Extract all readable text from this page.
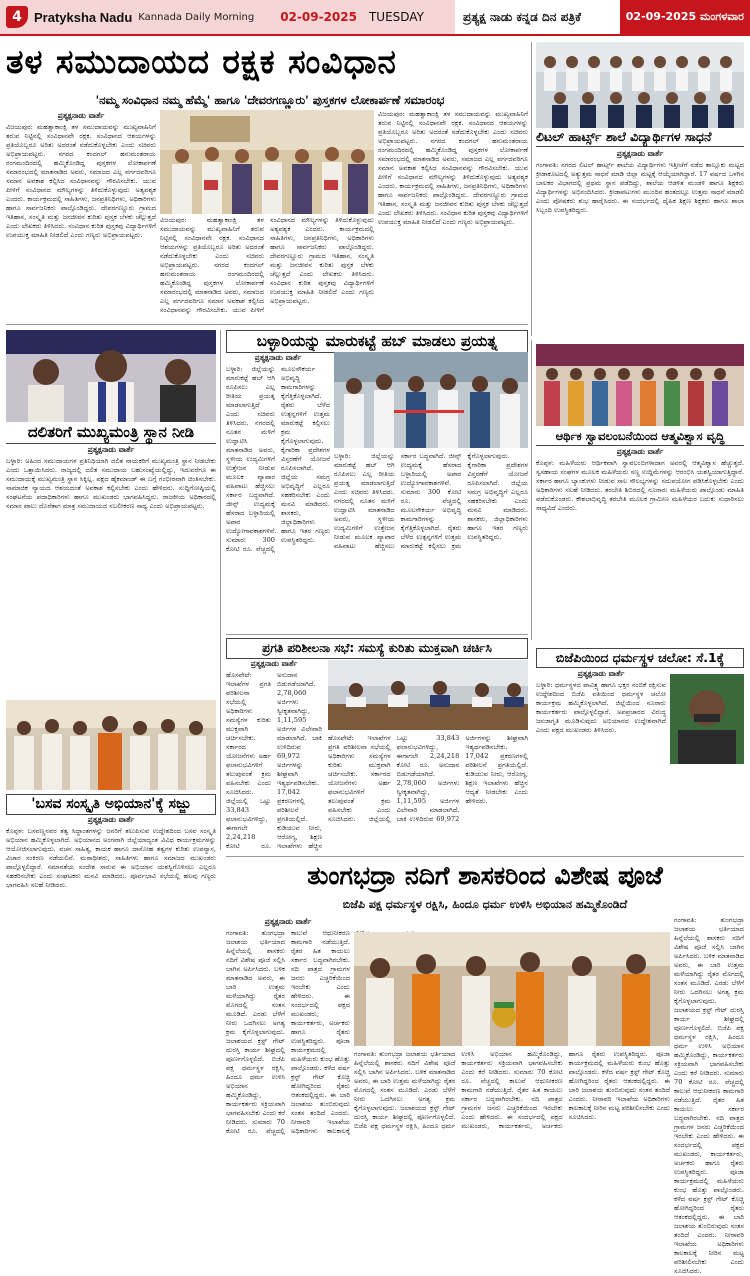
4 Pratyksha Nadu Kannada Daily Morning 02-09-2025 TUESDAY	ಪ್ರತ್ಯಕ್ಷ ನಾಡು ಕನ್ನಡ ದಿನ ಪತ್ರಿಕೆ	02-09-2025 ಮಂಗಳವಾರ
ತಳ ಸಮುದಾಯದ ರಕ್ಷಕ ಸಂವಿಧಾನ
'ನಮ್ಮ ಸಂವಿಧಾನ ನಮ್ಮ ಹೆಮ್ಮೆ' ಹಾಗೂ 'ದೇವರಗಣ್ಣೂರು' ಪುಸ್ತಕಗಳ ಲೋಕಾರ್ಪಣೆ ಸಮಾರಂಭ
ಪ್ರತ್ಯಕ್ಷನಾಡು ವಾರ್ತೆ
ವಿಜಯಪುರ: ಮಹತ್ವಾಕಾಂಕ್ಷಿ ತಳ ಸಮುದಾಯವನ್ನು ಮುಖ್ಯವಾಹಿನಿಗೆ ತರುವ ನಿಟ್ಟಿನಲ್ಲಿ ಸಂವಿಧಾನವೇ ರಕ್ಷಕ. ಸಂವಿಧಾನದ ಆಶಯಗಳನ್ನು ಪ್ರತಿಯೊಬ್ಬರೂ ಅರಿತು ಅದರಂತೆ ನಡೆದುಕೊಳ್ಳಬೇಕು ಎಂದು ಸಚಿವರು ಅಭಿಪ್ರಾಯಪಟ್ಟರು. ನಗರದ ಕಂದಗಲ್ ಹನುಮಂತರಾಯ ರಂಗಮಂದಿರದಲ್ಲಿ ಹಮ್ಮಿಕೊಂಡಿದ್ದ ಪುಸ್ತಕಗಳ ಲೋಕಾರ್ಪಣೆ ಸಮಾರಂಭದಲ್ಲಿ ಮಾತನಾಡಿದ ಅವರು, ಸಮಾಜದ ಎಲ್ಲ ವರ್ಗದವರಿಗೂ ಸಮಾನ ಅವಕಾಶ ಕಲ್ಪಿಸಿದ ಸಂವಿಧಾನವನ್ನು ಗೌರವಿಸಬೇಕು. ಯುವ ಪೀಳಿಗೆ ಸಂವಿಧಾನದ ಮೌಲ್ಯಗಳನ್ನು ತಿಳಿದುಕೊಳ್ಳುವುದು ಅತ್ಯವಶ್ಯಕ ಎಂದರು. ಕಾರ್ಯಕ್ರಮದಲ್ಲಿ ಸಾಹಿತಿಗಳು, ಜನಪ್ರತಿನಿಧಿಗಳು, ಅಧಿಕಾರಿಗಳು ಹಾಗೂ ಸಾರ್ವಜನಿಕರು ಪಾಲ್ಗೊಂಡಿದ್ದರು. ದೇವರಗಣ್ಣೂರು ಗ್ರಾಮದ ಇತಿಹಾಸ, ಸಂಸ್ಕೃತಿ ಮತ್ತು ಜನಜೀವನ ಕುರಿತು ಪುಸ್ತಕ ಬೆಳಕು ಚೆಲ್ಲುತ್ತದೆ ಎಂದು ಲೇಖಕರು ತಿಳಿಸಿದರು. ಸಂವಿಧಾನ ಕುರಿತ ಪುಸ್ತಕವು ವಿದ್ಯಾರ್ಥಿಗಳಿಗೆ ಉಪಯುಕ್ತ ಮಾಹಿತಿ ನೀಡಲಿದೆ ಎಂದು ಗಣ್ಯರು ಅಭಿಪ್ರಾಯಪಟ್ಟರು.
ವಿಜಯಪುರ: ಮಹತ್ವಾಕಾಂಕ್ಷಿ ತಳ ಸಮುದಾಯವನ್ನು ಮುಖ್ಯವಾಹಿನಿಗೆ ತರುವ ನಿಟ್ಟಿನಲ್ಲಿ ಸಂವಿಧಾನವೇ ರಕ್ಷಕ. ಸಂವಿಧಾನದ ಆಶಯಗಳನ್ನು ಪ್ರತಿಯೊಬ್ಬರೂ ಅರಿತು ಅದರಂತೆ ನಡೆದುಕೊಳ್ಳಬೇಕು ಎಂದು ಸಚಿವರು ಅಭಿಪ್ರಾಯಪಟ್ಟರು. ನಗರದ ಕಂದಗಲ್ ಹನುಮಂತರಾಯ ರಂಗಮಂದಿರದಲ್ಲಿ ಹಮ್ಮಿಕೊಂಡಿದ್ದ ಪುಸ್ತಕಗಳ ಲೋಕಾರ್ಪಣೆ ಸಮಾರಂಭದಲ್ಲಿ ಮಾತನಾಡಿದ ಅವರು, ಸಮಾಜದ ಎಲ್ಲ ವರ್ಗದವರಿಗೂ ಸಮಾನ ಅವಕಾಶ ಕಲ್ಪಿಸಿದ ಸಂವಿಧಾನವನ್ನು ಗೌರವಿಸಬೇಕು. ಯುವ ಪೀಳಿಗೆ ಸಂವಿಧಾನದ ಮೌಲ್ಯಗಳನ್ನು ತಿಳಿದುಕೊಳ್ಳುವುದು ಅತ್ಯವಶ್ಯಕ ಎಂದರು. ಕಾರ್ಯಕ್ರಮದಲ್ಲಿ ಸಾಹಿತಿಗಳು, ಜನಪ್ರತಿನಿಧಿಗಳು, ಅಧಿಕಾರಿಗಳು ಹಾಗೂ ಸಾರ್ವಜನಿಕರು ಪಾಲ್ಗೊಂಡಿದ್ದರು. ದೇವರಗಣ್ಣೂರು ಗ್ರಾಮದ ಇತಿಹಾಸ, ಸಂಸ್ಕೃತಿ ಮತ್ತು ಜನಜೀವನ ಕುರಿತು ಪುಸ್ತಕ ಬೆಳಕು ಚೆಲ್ಲುತ್ತದೆ ಎಂದು ಲೇಖಕರು ತಿಳಿಸಿದರು. ಸಂವಿಧಾನ ಕುರಿತ ಪುಸ್ತಕವು ವಿದ್ಯಾರ್ಥಿಗಳಿಗೆ ಉಪಯುಕ್ತ ಮಾಹಿತಿ ನೀಡಲಿದೆ ಎಂದು ಗಣ್ಯರು ಅಭಿಪ್ರಾಯಪಟ್ಟರು.
ವಿಜಯಪುರ: ಮಹತ್ವಾಕಾಂಕ್ಷಿ ತಳ ಸಮುದಾಯವನ್ನು ಮುಖ್ಯವಾಹಿನಿಗೆ ತರುವ ನಿಟ್ಟಿನಲ್ಲಿ ಸಂವಿಧಾನವೇ ರಕ್ಷಕ. ಸಂವಿಧಾನದ ಆಶಯಗಳನ್ನು ಪ್ರತಿಯೊಬ್ಬರೂ ಅರಿತು ಅದರಂತೆ ನಡೆದುಕೊಳ್ಳಬೇಕು ಎಂದು ಸಚಿವರು ಅಭಿಪ್ರಾಯಪಟ್ಟರು. ನಗರದ ಕಂದಗಲ್ ಹನುಮಂತರಾಯ ರಂಗಮಂದಿರದಲ್ಲಿ ಹಮ್ಮಿಕೊಂಡಿದ್ದ ಪುಸ್ತಕಗಳ ಲೋಕಾರ್ಪಣೆ ಸಮಾರಂಭದಲ್ಲಿ ಮಾತನಾಡಿದ ಅವರು, ಸಮಾಜದ ಎಲ್ಲ ವರ್ಗದವರಿಗೂ ಸಮಾನ ಅವಕಾಶ ಕಲ್ಪಿಸಿದ ಸಂವಿಧಾನವನ್ನು ಗೌರವಿಸಬೇಕು. ಯುವ ಪೀಳಿಗೆ ಸಂವಿಧಾನದ ಮೌಲ್ಯಗಳನ್ನು ತಿಳಿದುಕೊಳ್ಳುವುದು ಅತ್ಯವಶ್ಯಕ ಎಂದರು. ಕಾರ್ಯಕ್ರಮದಲ್ಲಿ ಸಾಹಿತಿಗಳು, ಜನಪ್ರತಿನಿಧಿಗಳು, ಅಧಿಕಾರಿಗಳು ಹಾಗೂ ಸಾರ್ವಜನಿಕರು ಪಾಲ್ಗೊಂಡಿದ್ದರು. ದೇವರಗಣ್ಣೂರು ಗ್ರಾಮದ ಇತಿಹಾಸ, ಸಂಸ್ಕೃತಿ ಮತ್ತು ಜನಜೀವನ ಕುರಿತು ಪುಸ್ತಕ ಬೆಳಕು ಚೆಲ್ಲುತ್ತದೆ ಎಂದು ಲೇಖಕರು ತಿಳಿಸಿದರು. ಸಂವಿಧಾನ ಕುರಿತ ಪುಸ್ತಕವು ವಿದ್ಯಾರ್ಥಿಗಳಿಗೆ ಉಪಯುಕ್ತ ಮಾಹಿತಿ ನೀಡಲಿದೆ ಎಂದು ಗಣ್ಯರು ಅಭಿಪ್ರಾಯಪಟ್ಟರು.
ಲಿಟಲ್ ಹಾರ್ಟ್ಸ್ ಶಾಲೆ ವಿದ್ಯಾರ್ಥಿಗಳ ಸಾಧನೆ
ಪ್ರತ್ಯಕ್ಷನಾಡು ವಾರ್ತೆ
ಗಂಗಾವತಿ: ನಗರದ ಲಿಟಲ್ ಹಾರ್ಟ್ಸ್ ಶಾಲೆಯ ವಿದ್ಯಾರ್ಥಿಗಳು ಇತ್ತೀಚೆಗೆ ನಡೆದ ತಾಲ್ಲೂಕು ಮಟ್ಟದ ಕ್ರೀಡಾಕೂಟದಲ್ಲಿ ಅತ್ಯುತ್ತಮ ಸಾಧನೆ ಮಾಡಿ ಜಿಲ್ಲಾ ಮಟ್ಟಕ್ಕೆ ಆಯ್ಕೆಯಾಗಿದ್ದಾರೆ. 17 ವರ್ಷದ ಒಳಗಿನ ಬಾಲಕರ ವಿಭಾಗದಲ್ಲಿ ಪ್ರಥಮ ಸ್ಥಾನ ಪಡೆದಿದ್ದು, ಶಾಲೆಯ ಆಡಳಿತ ಮಂಡಳಿ ಹಾಗೂ ಶಿಕ್ಷಕರು ವಿದ್ಯಾರ್ಥಿಗಳನ್ನು ಅಭಿನಂದಿಸಿದರು. ಕ್ರೀಡಾಪಟುಗಳು ಮುಂದಿನ ಹಂತದಲ್ಲೂ ಉತ್ತಮ ಸಾಧನೆ ಮಾಡಲಿ ಎಂದು ಪೋಷಕರು ಶುಭ ಹಾರೈಸಿದರು. ಈ ಸಂದರ್ಭದಲ್ಲಿ ದೈಹಿಕ ಶಿಕ್ಷಣ ಶಿಕ್ಷಕರು ಹಾಗೂ ಶಾಲಾ ಸಿಬ್ಬಂದಿ ಉಪಸ್ಥಿತರಿದ್ದರು.
ದಲಿತರಿಗೆ ಮುಖ್ಯಮಂತ್ರಿ ಸ್ಥಾನ ನೀಡಿ
ಪ್ರತ್ಯಕ್ಷನಾಡು ವಾರ್ತೆ
ಬಳ್ಳಾರಿ: ಅಹಿಂದ ಸಮುದಾಯಗಳ ಪ್ರತಿನಿಧಿಯಾಗಿ ದಲಿತ ನಾಯಕರಿಗೆ ಮುಖ್ಯಮಂತ್ರಿ ಸ್ಥಾನ ನೀಡಬೇಕು ಎಂದು ಒತ್ತಾಯಿಸಿದರು. ರಾಜ್ಯದಲ್ಲಿ ದಲಿತ ಸಮುದಾಯ ಬಹುಸಂಖ್ಯೆಯಲ್ಲಿದ್ದು, ಇದುವರೆಗೂ ಈ ಸಮುದಾಯಕ್ಕೆ ಮುಖ್ಯಮಂತ್ರಿ ಸ್ಥಾನ ಸಿಕ್ಕಿಲ್ಲ. ಪಕ್ಷದ ಹೈಕಮಾಂಡ್ ಈ ಬಗ್ಗೆ ಗಂಭೀರವಾಗಿ ಚಿಂತಿಸಬೇಕು. ಸಾಮಾಜಿಕ ನ್ಯಾಯದ ಆಶಯದಂತೆ ಅವಕಾಶ ಕಲ್ಪಿಸಬೇಕು ಎಂದು ಹೇಳಿದರು. ಸುದ್ದಿಗೋಷ್ಠಿಯಲ್ಲಿ ಸಂಘಟನೆಯ ಪದಾಧಿಕಾರಿಗಳು ಹಾಗೂ ಮುಖಂಡರು ಭಾಗವಹಿಸಿದ್ದರು. ರಾಜಕೀಯ ಅಧಿಕಾರದಲ್ಲಿ ಸಮಾನ ಪಾಲು ದೊರೆತಾಗ ಮಾತ್ರ ಸಮುದಾಯದ ಸಬಲೀಕರಣ ಸಾಧ್ಯ ಎಂದು ಅಭಿಪ್ರಾಯಪಟ್ಟರು.
ಬಳ್ಳಾರಿಯನ್ನು ಮಾರುಕಟ್ಟೆ ಹಬ್ ಮಾಡಲು ಪ್ರಯತ್ನ
ಪ್ರತ್ಯಕ್ಷನಾಡು ವಾರ್ತೆ
ಬಳ್ಳಾರಿ: ಜಿಲ್ಲೆಯನ್ನು ಮಾರುಕಟ್ಟೆ ಹಬ್ ಆಗಿ ರೂಪಿಸಲು ಎಲ್ಲ ರೀತಿಯ ಪ್ರಯತ್ನ ಮಾಡಲಾಗುತ್ತಿದೆ ಎಂದು ಸಚಿವರು ತಿಳಿಸಿದರು. ನಗರದಲ್ಲಿ ನೂತನ ಮಳಿಗೆ ಉದ್ಘಾಟಿಸಿ ಮಾತನಾಡಿದ ಅವರು, ಸ್ಥಳೀಯ ಉದ್ಯಮಿಗಳಿಗೆ ಉತ್ತೇಜನ ನೀಡುವ ಮೂಲಕ ವ್ಯಾಪಾರ ವಹಿವಾಟು ಹೆಚ್ಚಿಸಲು ಸರ್ಕಾರ ಬದ್ಧವಾಗಿದೆ. ಜೀನ್ಸ್ ಉದ್ಯಮಕ್ಕೆ ಹೆಸರಾದ ಬಳ್ಳಾರಿಯಲ್ಲಿ ಅಪಾರ ಉದ್ಯೋಗಾವಕಾಶಗಳಿವೆ. ಸುಮಾರು 300 ಕೋಟಿ ರೂ. ವೆಚ್ಚದಲ್ಲಿ ಮೂಲಸೌಕರ್ಯ ಅಭಿವೃದ್ಧಿ ಕಾಮಗಾರಿಗಳನ್ನು ಕೈಗೆತ್ತಿಕೊಳ್ಳಲಾಗಿದೆ. ರೈತರು ಬೆಳೆದ ಉತ್ಪನ್ನಗಳಿಗೆ ಉತ್ತಮ ಮಾರುಕಟ್ಟೆ ಕಲ್ಪಿಸಲು ಕ್ರಮ ಕೈಗೊಳ್ಳಲಾಗುವುದು. ಕೈಗಾರಿಕಾ ಪ್ರದೇಶಗಳ ವಿಸ್ತರಣೆಗೆ ಯೋಜನೆ ರೂಪಿಸಲಾಗಿದೆ. ಜಿಲ್ಲೆಯ ಸಮಗ್ರ ಅಭಿವೃದ್ಧಿಗೆ ಎಲ್ಲರೂ ಸಹಕರಿಸಬೇಕು ಎಂದು ಮನವಿ ಮಾಡಿದರು. ಶಾಸಕರು, ಜಿಲ್ಲಾಧಿಕಾರಿಗಳು ಹಾಗೂ ಇತರ ಗಣ್ಯರು ಉಪಸ್ಥಿತರಿದ್ದರು.
ಬಳ್ಳಾರಿ: ಜಿಲ್ಲೆಯನ್ನು ಮಾರುಕಟ್ಟೆ ಹಬ್ ಆಗಿ ರೂಪಿಸಲು ಎಲ್ಲ ರೀತಿಯ ಪ್ರಯತ್ನ ಮಾಡಲಾಗುತ್ತಿದೆ ಎಂದು ಸಚಿವರು ತಿಳಿಸಿದರು. ನಗರದಲ್ಲಿ ನೂತನ ಮಳಿಗೆ ಉದ್ಘಾಟಿಸಿ ಮಾತನಾಡಿದ ಅವರು, ಸ್ಥಳೀಯ ಉದ್ಯಮಿಗಳಿಗೆ ಉತ್ತೇಜನ ನೀಡುವ ಮೂಲಕ ವ್ಯಾಪಾರ ವಹಿವಾಟು ಹೆಚ್ಚಿಸಲು ಸರ್ಕಾರ ಬದ್ಧವಾಗಿದೆ. ಜೀನ್ಸ್ ಉದ್ಯಮಕ್ಕೆ ಹೆಸರಾದ ಬಳ್ಳಾರಿಯಲ್ಲಿ ಅಪಾರ ಉದ್ಯೋಗಾವಕಾಶಗಳಿವೆ. ಸುಮಾರು 300 ಕೋಟಿ ರೂ. ವೆಚ್ಚದಲ್ಲಿ ಮೂಲಸೌಕರ್ಯ ಅಭಿವೃದ್ಧಿ ಕಾಮಗಾರಿಗಳನ್ನು ಕೈಗೆತ್ತಿಕೊಳ್ಳಲಾಗಿದೆ. ರೈತರು ಬೆಳೆದ ಉತ್ಪನ್ನಗಳಿಗೆ ಉತ್ತಮ ಮಾರುಕಟ್ಟೆ ಕಲ್ಪಿಸಲು ಕ್ರಮ ಕೈಗೊಳ್ಳಲಾಗುವುದು. ಕೈಗಾರಿಕಾ ಪ್ರದೇಶಗಳ ವಿಸ್ತರಣೆಗೆ ಯೋಜನೆ ರೂಪಿಸಲಾಗಿದೆ. ಜಿಲ್ಲೆಯ ಸಮಗ್ರ ಅಭಿವೃದ್ಧಿಗೆ ಎಲ್ಲರೂ ಸಹಕರಿಸಬೇಕು ಎಂದು ಮನವಿ ಮಾಡಿದರು. ಶಾಸಕರು, ಜಿಲ್ಲಾಧಿಕಾರಿಗಳು ಹಾಗೂ ಇತರ ಗಣ್ಯರು ಉಪಸ್ಥಿತರಿದ್ದರು.
ಆರ್ಥಿಕ ಸ್ವಾವಲಂಬನೆಯಿಂದ ಆತ್ಮವಿಶ್ವಾಸ ವೃದ್ಧಿ
ಪ್ರತ್ಯಕ್ಷನಾಡು ವಾರ್ತೆ
ಕೊಪ್ಪಳ: ಮಹಿಳೆಯರು ಆರ್ಥಿಕವಾಗಿ ಸ್ವಾವಲಂಬಿಗಳಾದಾಗ ಅವರಲ್ಲಿ ಆತ್ಮವಿಶ್ವಾಸ ಹೆಚ್ಚುತ್ತದೆ. ಸ್ವಸಹಾಯ ಸಂಘಗಳ ಮೂಲಕ ಮಹಿಳೆಯರು ಸಣ್ಣ ಉದ್ದಿಮೆಗಳನ್ನು ಆರಂಭಿಸಿ ಯಶಸ್ವಿಯಾಗುತ್ತಿದ್ದಾರೆ. ಸರ್ಕಾರ ಹಾಗೂ ಬ್ಯಾಂಕುಗಳು ನೀಡುವ ಸಾಲ ಸೌಲಭ್ಯಗಳನ್ನು ಸದುಪಯೋಗ ಪಡಿಸಿಕೊಳ್ಳಬೇಕು ಎಂದು ಅಧಿಕಾರಿಗಳು ಸಲಹೆ ನೀಡಿದರು. ತರಬೇತಿ ಶಿಬಿರದಲ್ಲಿ ನೂರಾರು ಮಹಿಳೆಯರು ಪಾಲ್ಗೊಂಡು ಮಾಹಿತಿ ಪಡೆದುಕೊಂಡರು. ಕೌಶಲಾಭಿವೃದ್ಧಿ ತರಬೇತಿ ಮೂಲಕ ಗ್ರಾಮೀಣ ಮಹಿಳೆಯರ ಬದುಕು ಸುಧಾರಿಸಲು ಸಾಧ್ಯವಿದೆ ಎಂದರು.
ಪ್ರಗತಿ ಪರಿಶೀಲನಾ ಸಭೆ: ಸಮಸ್ಯೆ ಕುರಿತು ಮುಕ್ತವಾಗಿ ಚರ್ಚಿಸಿ
ಪ್ರತ್ಯಕ್ಷನಾಡು ವಾರ್ತೆ
ಹೊಸಪೇಟೆ: ಇಲಾಖೆಗಳ ಪ್ರಗತಿ ಪರಿಶೀಲನಾ ಸಭೆಯಲ್ಲಿ ಅಧಿಕಾರಿಗಳು ಸಮಸ್ಯೆಗಳ ಕುರಿತು ಮುಕ್ತವಾಗಿ ಚರ್ಚಿಸಬೇಕು. ಸರ್ಕಾರದ ಯೋಜನೆಗಳು ಅರ್ಹ ಫಲಾನುಭವಿಗಳಿಗೆ ತಲುಪುವಂತೆ ಕ್ರಮ ವಹಿಸಬೇಕು ಎಂದು ಸೂಚಿಸಿದರು. ಜಿಲ್ಲೆಯಲ್ಲಿ ಒಟ್ಟು 33,843 ಫಲಾನುಭವಿಗಳಿದ್ದು, ಈಗಾಗಲೇ 2,24,218 ಕೋಟಿ ರೂ. ಅನುದಾನ ಬಿಡುಗಡೆಯಾಗಿದೆ. 2,78,060 ಅರ್ಜಿಗಳು ಸ್ವೀಕೃತವಾಗಿದ್ದು, 1,11,595 ಅರ್ಜಿಗಳ ವಿಲೇವಾರಿ ಮಾಡಲಾಗಿದೆ. ಬಾಕಿ ಉಳಿದಿರುವ 69,972 ಅರ್ಜಿಗಳನ್ನು ಶೀಘ್ರವಾಗಿ ಇತ್ಯರ್ಥಪಡಿಸಬೇಕು. 17,042 ಪ್ರಕರಣಗಳಲ್ಲಿ ಪರಿಶೀಲನೆ ಪ್ರಗತಿಯಲ್ಲಿದೆ. ಕುಡಿಯುವ ನೀರು, ಆರೋಗ್ಯ, ಶಿಕ್ಷಣ ಇಲಾಖೆಗಳು ಹೆಚ್ಚಿನ
ಹೊಸಪೇಟೆ: ಇಲಾಖೆಗಳ ಪ್ರಗತಿ ಪರಿಶೀಲನಾ ಸಭೆಯಲ್ಲಿ ಅಧಿಕಾರಿಗಳು ಸಮಸ್ಯೆಗಳ ಕುರಿತು ಮುಕ್ತವಾಗಿ ಚರ್ಚಿಸಬೇಕು. ಸರ್ಕಾರದ ಯೋಜನೆಗಳು ಅರ್ಹ ಫಲಾನುಭವಿಗಳಿಗೆ ತಲುಪುವಂತೆ ಕ್ರಮ ವಹಿಸಬೇಕು ಎಂದು ಸೂಚಿಸಿದರು. ಜಿಲ್ಲೆಯಲ್ಲಿ ಒಟ್ಟು 33,843 ಫಲಾನುಭವಿಗಳಿದ್ದು, ಈಗಾಗಲೇ 2,24,218 ಕೋಟಿ ರೂ. ಅನುದಾನ ಬಿಡುಗಡೆಯಾಗಿದೆ. 2,78,060 ಅರ್ಜಿಗಳು ಸ್ವೀಕೃತವಾಗಿದ್ದು, 1,11,595 ಅರ್ಜಿಗಳ ವಿಲೇವಾರಿ ಮಾಡಲಾಗಿದೆ. ಬಾಕಿ ಉಳಿದಿರುವ 69,972 ಅರ್ಜಿಗಳನ್ನು ಶೀಘ್ರವಾಗಿ ಇತ್ಯರ್ಥಪಡಿಸಬೇಕು. 17,042 ಪ್ರಕರಣಗಳಲ್ಲಿ ಪರಿಶೀಲನೆ ಪ್ರಗತಿಯಲ್ಲಿದೆ. ಕುಡಿಯುವ ನೀರು, ಆರೋಗ್ಯ, ಶಿಕ್ಷಣ ಇಲಾಖೆಗಳು ಹೆಚ್ಚಿನ ಆದ್ಯತೆ ನೀಡಬೇಕು ಎಂದು ಹೇಳಿದರು.
'ಬಸವ ಸಂಸ್ಕೃತಿ ಅಭಿಯಾನ'ಕ್ಕೆ ಸಜ್ಜು
ಪ್ರತ್ಯಕ್ಷನಾಡು ವಾರ್ತೆ
ಕೊಪ್ಪಳ: ಬಸವಣ್ಣನವರ ತತ್ವ ಸಿದ್ಧಾಂತಗಳನ್ನು ಜನರಿಗೆ ತಲುಪಿಸುವ ಉದ್ದೇಶದಿಂದ ಬಸವ ಸಂಸ್ಕೃತಿ ಅಭಿಯಾನ ಹಮ್ಮಿಕೊಳ್ಳಲಾಗಿದೆ. ಅಭಿಯಾನದ ಅಂಗವಾಗಿ ಜಿಲ್ಲೆಯಾದ್ಯಂತ ವಿವಿಧ ಕಾರ್ಯಕ್ರಮಗಳನ್ನು ಆಯೋಜಿಸಲಾಗುವುದು. ವಚನ ಸಾಹಿತ್ಯ, ಕಾಯಕ ಹಾಗೂ ದಾಸೋಹ ತತ್ವಗಳ ಕುರಿತು ಉಪನ್ಯಾಸ, ವಿಚಾರ ಸಂಕಿರಣ ನಡೆಯಲಿವೆ. ಮಠಾಧೀಶರು, ಸಾಹಿತಿಗಳು ಹಾಗೂ ಸಮಾಜದ ಮುಖಂಡರು ಪಾಲ್ಗೊಳ್ಳಲಿದ್ದಾರೆ. ಸಮಾನತೆಯ ಸಂದೇಶ ಸಾರುವ ಈ ಅಭಿಯಾನ ಯಶಸ್ವಿಗೊಳಿಸಲು ಎಲ್ಲರೂ ಸಹಕರಿಸಬೇಕು ಎಂದು ಸಂಘಟಕರು ಮನವಿ ಮಾಡಿದರು. ಪೂರ್ವಭಾವಿ ಸಭೆಯಲ್ಲಿ ಹಲವು ಗಣ್ಯರು ಭಾಗವಹಿಸಿ ಸಲಹೆ ನೀಡಿದರು.
ಬಿಜೆಪಿಯಿಂದ ಧರ್ಮಸ್ಥಳ ಚಲೋ: ಸೆ.1ಕ್ಕೆ
ಪ್ರತ್ಯಕ್ಷನಾಡು ವಾರ್ತೆ
ಬಳ್ಳಾರಿ: ಧರ್ಮಸ್ಥಳದ ಪಾವಿತ್ರ್ಯ ಹಾಗೂ ಭಕ್ತರ ನಂಬಿಕೆ ರಕ್ಷಿಸುವ ಉದ್ದೇಶದಿಂದ ಬಿಜೆಪಿ ವತಿಯಿಂದ ಧರ್ಮಸ್ಥಳ ಚಲೋ ಕಾರ್ಯಕ್ರಮ ಹಮ್ಮಿಕೊಳ್ಳಲಾಗಿದೆ. ಜಿಲ್ಲೆಯಿಂದ ನೂರಾರು ಕಾರ್ಯಕರ್ತರು ಪಾಲ್ಗೊಳ್ಳಲಿದ್ದಾರೆ. ಅಪಪ್ರಚಾರದ ವಿರುದ್ಧ ಜನಜಾಗೃತಿ ಮೂಡಿಸುವುದು ಅಭಿಯಾನದ ಉದ್ದೇಶವಾಗಿದೆ ಎಂದು ಪಕ್ಷದ ಮುಖಂಡರು ತಿಳಿಸಿದರು.
ತುಂಗಭದ್ರಾ ನದಿಗೆ ಶಾಸಕರಿಂದ ವಿಶೇಷ ಪೂಜೆ
ಬಿಜೆಪಿ ಪಕ್ಷ ಧರ್ಮಸ್ಥಳ ರಕ್ಷಿಸಿ, ಹಿಂದೂ ಧರ್ಮ ಉಳಿಸಿ ಅಭಿಯಾನ ಹಮ್ಮಿಕೊಂಡಿದೆ
ಪ್ರತ್ಯಕ್ಷನಾಡು ವಾರ್ತೆ
ಗಂಗಾವತಿ: ತುಂಗಭದ್ರಾ ಜಲಾಶಯ ಭರ್ತಿಯಾದ ಹಿನ್ನೆಲೆಯಲ್ಲಿ ಶಾಸಕರು ನದಿಗೆ ವಿಶೇಷ ಪೂಜೆ ಸಲ್ಲಿಸಿ ಬಾಗಿನ ಅರ್ಪಿಸಿದರು. ಬಳಿಕ ಮಾತನಾಡಿದ ಅವರು, ಈ ಬಾರಿ ಉತ್ತಮ ಮಳೆಯಾಗಿದ್ದು ರೈತರ ಮೊಗದಲ್ಲಿ ಸಂತಸ ಮೂಡಿದೆ. ಎರಡು ಬೆಳೆಗೆ ನೀರು ಒದಗಿಸಲು ಅಗತ್ಯ ಕ್ರಮ ಕೈಗೊಳ್ಳಲಾಗುವುದು. ಜಲಾಶಯದ ಕ್ರಸ್ಟ್ ಗೇಟ್ ದುರಸ್ತಿ ಕಾರ್ಯ ಶೀಘ್ರದಲ್ಲಿ ಪೂರ್ಣಗೊಳ್ಳಲಿದೆ. ಬಿಜೆಪಿ ಪಕ್ಷ ಧರ್ಮಸ್ಥಳ ರಕ್ಷಿಸಿ, ಹಿಂದೂ ಧರ್ಮ ಉಳಿಸಿ ಅಭಿಯಾನ ಹಮ್ಮಿಕೊಂಡಿದ್ದು, ಕಾರ್ಯಕರ್ತರು ಸಕ್ರಿಯವಾಗಿ ಭಾಗವಹಿಸಬೇಕು ಎಂದು ಕರೆ ನೀಡಿದರು. ಸುಮಾರು 70 ಕೋಟಿ ರೂ. ವೆಚ್ಚದಲ್ಲಿ ಕಾಲುವೆ ಆಧುನೀಕರಣ ಕಾಮಗಾರಿ ನಡೆಯುತ್ತಿದೆ. ರೈತರ ಹಿತ ಕಾಯಲು ಸರ್ಕಾರ ಬದ್ಧವಾಗಿರಬೇಕು. ನದಿ ಪಾತ್ರದ ಗ್ರಾಮಗಳ ಜನರು ಎಚ್ಚರಿಕೆಯಿಂದ ಇರಬೇಕು ಎಂದು ಹೇಳಿದರು. ಈ ಸಂದರ್ಭದಲ್ಲಿ ಪಕ್ಷದ ಮುಖಂಡರು, ಕಾರ್ಯಕರ್ತರು, ಅರ್ಚಕರು ಹಾಗೂ ರೈತರು ಉಪಸ್ಥಿತರಿದ್ದರು. ಪೂಜಾ ಕಾರ್ಯಕ್ರಮದಲ್ಲಿ ಮಹಿಳೆಯರು ಕುಂಭ ಹೊತ್ತು ಪಾಲ್ಗೊಂಡರು. ಕಳೆದ ವರ್ಷ ಕ್ರಸ್ಟ್ ಗೇಟ್ ಕೊಚ್ಚಿ ಹೋಗಿದ್ದರಿಂದ ರೈತರು ಆತಂಕದಲ್ಲಿದ್ದರು. ಈ ಬಾರಿ ಜಲಾಶಯ ತುಂಬಿರುವುದು ಸಂತಸ ತಂದಿದೆ ಎಂದರು. ನೀರಾವರಿ ಇಲಾಖೆಯ ಅಧಿಕಾರಿಗಳು ಕಾಲಕಾಲಕ್ಕೆ
ಗಂಗಾವತಿ: ತುಂಗಭದ್ರಾ ಜಲಾಶಯ ಭರ್ತಿಯಾದ ಹಿನ್ನೆಲೆಯಲ್ಲಿ ಶಾಸಕರು ನದಿಗೆ ವಿಶೇಷ ಪೂಜೆ ಸಲ್ಲಿಸಿ ಬಾಗಿನ ಅರ್ಪಿಸಿದರು. ಬಳಿಕ ಮಾತನಾಡಿದ ಅವರು, ಈ ಬಾರಿ ಉತ್ತಮ ಮಳೆಯಾಗಿದ್ದು ರೈತರ ಮೊಗದಲ್ಲಿ ಸಂತಸ ಮೂಡಿದೆ. ಎರಡು ಬೆಳೆಗೆ ನೀರು ಒದಗಿಸಲು ಅಗತ್ಯ ಕ್ರಮ ಕೈಗೊಳ್ಳಲಾಗುವುದು. ಜಲಾಶಯದ ಕ್ರಸ್ಟ್ ಗೇಟ್ ದುರಸ್ತಿ ಕಾರ್ಯ ಶೀಘ್ರದಲ್ಲಿ ಪೂರ್ಣಗೊಳ್ಳಲಿದೆ. ಬಿಜೆಪಿ ಪಕ್ಷ ಧರ್ಮಸ್ಥಳ ರಕ್ಷಿಸಿ, ಹಿಂದೂ ಧರ್ಮ ಉಳಿಸಿ ಅಭಿಯಾನ ಹಮ್ಮಿಕೊಂಡಿದ್ದು, ಕಾರ್ಯಕರ್ತರು ಸಕ್ರಿಯವಾಗಿ ಭಾಗವಹಿಸಬೇಕು ಎಂದು ಕರೆ ನೀಡಿದರು. ಸುಮಾರು 70 ಕೋಟಿ ರೂ. ವೆಚ್ಚದಲ್ಲಿ ಕಾಲುವೆ ಆಧುನೀಕರಣ ಕಾಮಗಾರಿ ನಡೆಯುತ್ತಿದೆ. ರೈತರ ಹಿತ ಕಾಯಲು ಸರ್ಕಾರ ಬದ್ಧವಾಗಿರಬೇಕು. ನದಿ ಪಾತ್ರದ ಗ್ರಾಮಗಳ ಜನರು ಎಚ್ಚರಿಕೆಯಿಂದ ಇರಬೇಕು ಎಂದು ಹೇಳಿದರು. ಈ ಸಂದರ್ಭದಲ್ಲಿ ಪಕ್ಷದ ಮುಖಂಡರು, ಕಾರ್ಯಕರ್ತರು, ಅರ್ಚಕರು ಹಾಗೂ ರೈತರು ಉಪಸ್ಥಿತರಿದ್ದರು. ಪೂಜಾ ಕಾರ್ಯಕ್ರಮದಲ್ಲಿ ಮಹಿಳೆಯರು ಕುಂಭ ಹೊತ್ತು ಪಾಲ್ಗೊಂಡರು. ಕಳೆದ ವರ್ಷ ಕ್ರಸ್ಟ್ ಗೇಟ್ ಕೊಚ್ಚಿ ಹೋಗಿದ್ದರಿಂದ ರೈತರು ಆತಂಕದಲ್ಲಿದ್ದರು. ಈ ಬಾರಿ ಜಲಾಶಯ ತುಂಬಿರುವುದು ಸಂತಸ ತಂದಿದೆ ಎಂದರು. ನೀರಾವರಿ ಇಲಾಖೆಯ ಅಧಿಕಾರಿಗಳು ಕಾಲಕಾಲಕ್ಕೆ ನೀರಿನ ಮಟ್ಟ ಪರಿಶೀಲಿಸಬೇಕು ಎಂದು ಸೂಚಿಸಿದರು.
ಗಂಗಾವತಿ: ತುಂಗಭದ್ರಾ ಜಲಾಶಯ ಭರ್ತಿಯಾದ ಹಿನ್ನೆಲೆಯಲ್ಲಿ ಶಾಸಕರು ನದಿಗೆ ವಿಶೇಷ ಪೂಜೆ ಸಲ್ಲಿಸಿ ಬಾಗಿನ ಅರ್ಪಿಸಿದರು. ಬಳಿಕ ಮಾತನಾಡಿದ ಅವರು, ಈ ಬಾರಿ ಉತ್ತಮ ಮಳೆಯಾಗಿದ್ದು ರೈತರ ಮೊಗದಲ್ಲಿ ಸಂತಸ ಮೂಡಿದೆ. ಎರಡು ಬೆಳೆಗೆ ನೀರು ಒದಗಿಸಲು ಅಗತ್ಯ ಕ್ರಮ ಕೈಗೊಳ್ಳಲಾಗುವುದು. ಜಲಾಶಯದ ಕ್ರಸ್ಟ್ ಗೇಟ್ ದುರಸ್ತಿ ಕಾರ್ಯ ಶೀಘ್ರದಲ್ಲಿ ಪೂರ್ಣಗೊಳ್ಳಲಿದೆ. ಬಿಜೆಪಿ ಪಕ್ಷ ಧರ್ಮಸ್ಥಳ ರಕ್ಷಿಸಿ, ಹಿಂದೂ ಧರ್ಮ ಉಳಿಸಿ ಅಭಿಯಾನ ಹಮ್ಮಿಕೊಂಡಿದ್ದು, ಕಾರ್ಯಕರ್ತರು ಸಕ್ರಿಯವಾಗಿ ಭಾಗವಹಿಸಬೇಕು ಎಂದು ಕರೆ ನೀಡಿದರು. ಸುಮಾರು 70 ಕೋಟಿ ರೂ. ವೆಚ್ಚದಲ್ಲಿ ಕಾಲುವೆ ಆಧುನೀಕರಣ ಕಾಮಗಾರಿ ನಡೆಯುತ್ತಿದೆ. ರೈತರ ಹಿತ ಕಾಯಲು ಸರ್ಕಾರ ಬದ್ಧವಾಗಿರಬೇಕು. ನದಿ ಪಾತ್ರದ ಗ್ರಾಮಗಳ ಜನರು ಎಚ್ಚರಿಕೆಯಿಂದ ಇರಬೇಕು ಎಂದು ಹೇಳಿದರು. ಈ ಸಂದರ್ಭದಲ್ಲಿ ಪಕ್ಷದ ಮುಖಂಡರು, ಕಾರ್ಯಕರ್ತರು, ಅರ್ಚಕರು ಹಾಗೂ ರೈತರು ಉಪಸ್ಥಿತರಿದ್ದರು. ಪೂಜಾ ಕಾರ್ಯಕ್ರಮದಲ್ಲಿ ಮಹಿಳೆಯರು ಕುಂಭ ಹೊತ್ತು ಪಾಲ್ಗೊಂಡರು. ಕಳೆದ ವರ್ಷ ಕ್ರಸ್ಟ್ ಗೇಟ್ ಕೊಚ್ಚಿ ಹೋಗಿದ್ದರಿಂದ ರೈತರು ಆತಂಕದಲ್ಲಿದ್ದರು. ಈ ಬಾರಿ ಜಲಾಶಯ ತುಂಬಿರುವುದು ಸಂತಸ ತಂದಿದೆ ಎಂದರು. ನೀರಾವರಿ ಇಲಾಖೆಯ ಅಧಿಕಾರಿಗಳು ಕಾಲಕಾಲಕ್ಕೆ ನೀರಿನ ಮಟ್ಟ ಪರಿಶೀಲಿಸಬೇಕು ಎಂದು ಸೂಚಿಸಿದರು.
